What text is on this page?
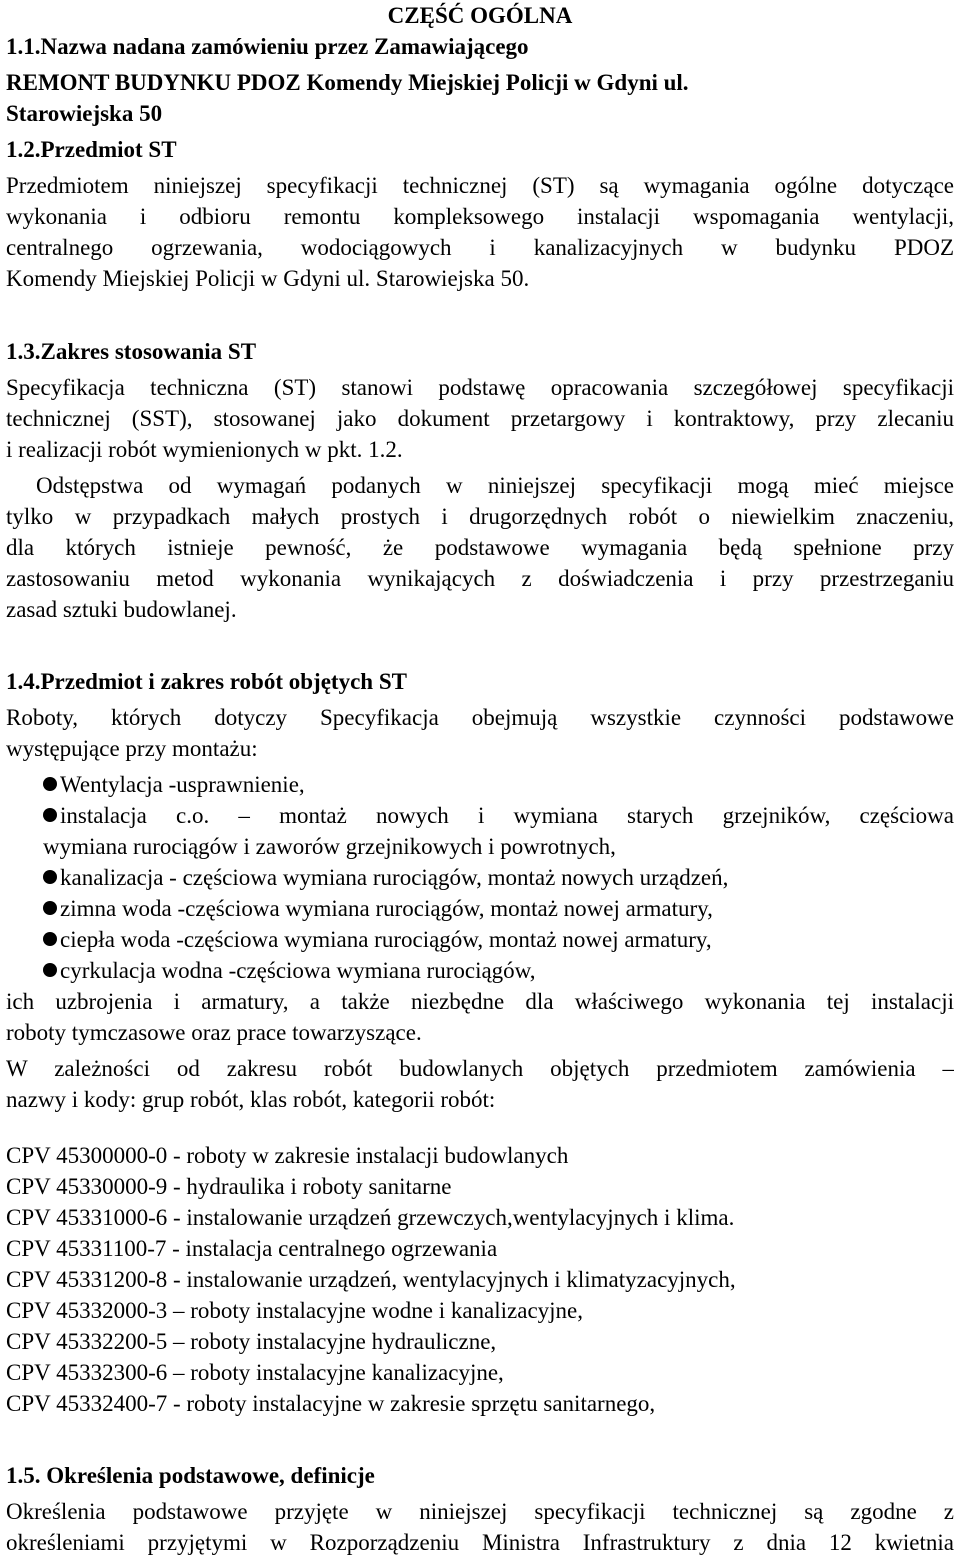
CZĘŚĆ OGÓLNA
1.1.Nazwa nadana zamówieniu przez Zamawiającego
REMONT BUDYNKU PDOZ Komendy Miejskiej Policji w Gdyni ul.
Starowiejska 50
1.2.Przedmiot ST
Przedmiotem niniejszej specyfikacji technicznej (ST) są wymagania ogólne dotyczące
wykonania i odbioru remontu kompleksowego instalacji wspomagania wentylacji,
centralnego ogrzewania, wodociągowych i kanalizacyjnych w budynku PDOZ
Komendy Miejskiej Policji w Gdyni ul. Starowiejska 50.
1.3.Zakres stosowania ST
Specyfikacja techniczna (ST) stanowi podstawę opracowania szczegółowej specyfikacji
technicznej (SST), stosowanej jako dokument przetargowy i kontraktowy, przy zlecaniu
i realizacji robót wymienionych w pkt. 1.2.
Odstępstwa od wymagań podanych w niniejszej specyfikacji mogą mieć miejsce
tylko w przypadkach małych prostych i drugorzędnych robót o niewielkim znaczeniu,
dla których istnieje pewność, że podstawowe wymagania będą spełnione przy
zastosowaniu metod wykonania wynikających z doświadczenia i przy przestrzeganiu
zasad sztuki budowlanej.
1.4.Przedmiot i zakres robót objętych ST
Roboty, których dotyczy Specyfikacja obejmują wszystkie czynności podstawowe
występujące przy montażu:
Wentylacja -usprawnienie,
instalacja c.o. – montaż nowych i wymiana starych grzejników, częściowa
wymiana rurociągów i zaworów grzejnikowych i powrotnych,
kanalizacja - częściowa wymiana rurociągów, montaż nowych urządzeń,
zimna woda -częściowa wymiana rurociągów, montaż nowej armatury,
ciepła woda -częściowa wymiana rurociągów, montaż nowej armatury,
cyrkulacja wodna -częściowa wymiana rurociągów,
ich uzbrojenia i armatury, a także niezbędne dla właściwego wykonania tej instalacji
roboty tymczasowe oraz prace towarzyszące.
W zależności od zakresu robót budowlanych objętych przedmiotem zamówienia –
nazwy i kody: grup robót, klas robót, kategorii robót:
CPV 45300000-0 - roboty w zakresie instalacji budowlanych
CPV 45330000-9 - hydraulika i roboty sanitarne
CPV 45331000-6 - instalowanie urządzeń grzewczych,wentylacyjnych i klima.
CPV 45331100-7 - instalacja centralnego ogrzewania
CPV 45331200-8 - instalowanie urządzeń, wentylacyjnych i klimatyzacyjnych,
CPV 45332000-3 – roboty instalacyjne wodne i kanalizacyjne,
CPV 45332200-5 – roboty instalacyjne hydrauliczne,
CPV 45332300-6 – roboty instalacyjne kanalizacyjne,
CPV 45332400-7 - roboty instalacyjne w zakresie sprzętu sanitarnego,
1.5. Określenia podstawowe, definicje
Określenia podstawowe przyjęte w niniejszej specyfikacji technicznej są zgodne z
określeniami przyjętymi w Rozporządzeniu Ministra Infrastruktury z dnia 12 kwietnia
